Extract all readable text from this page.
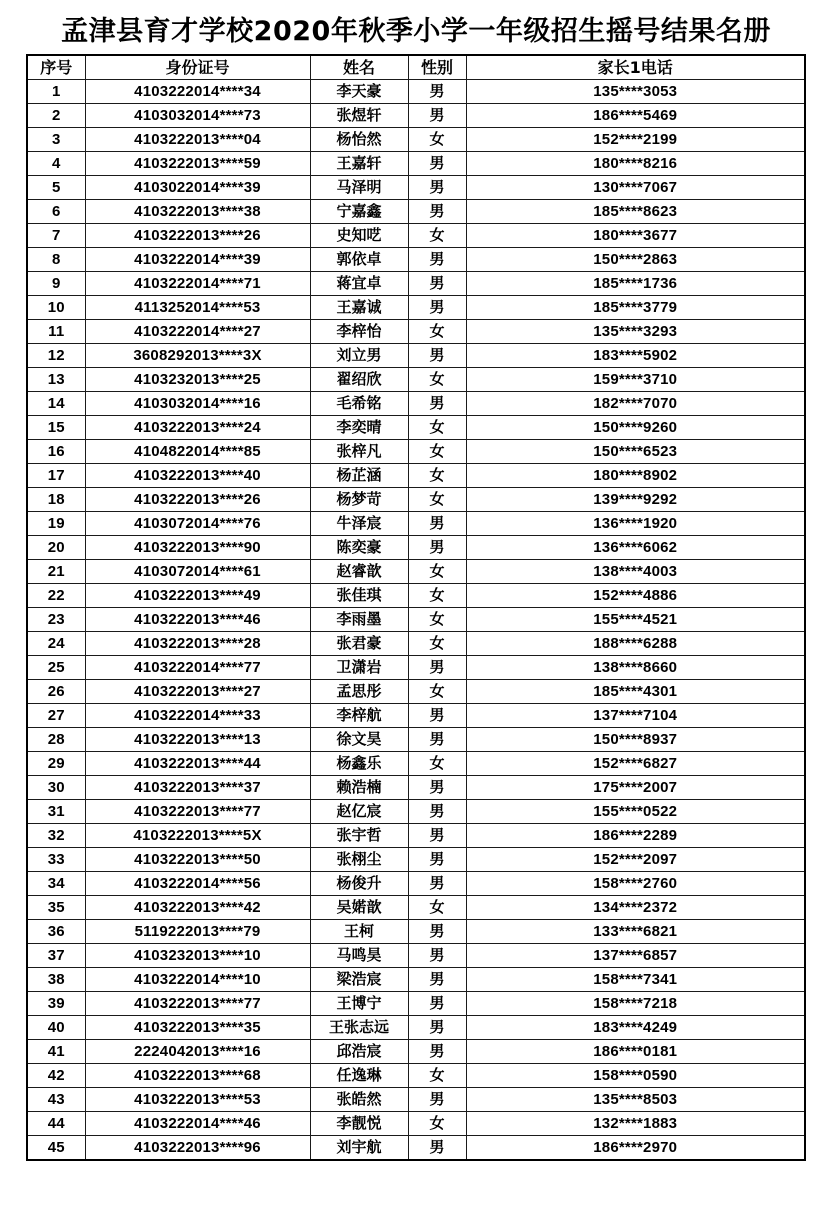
孟津县育才学校2020年秋季小学一年级招生摇号结果名册
序号	身份证号	姓名	性别	家长1电话
1	4103222014****34	李天豪	男	135****3053
2	4103032014****73	张煜轩	男	186****5469
3	4103222013****04	杨怡然	女	152****2199
4	4103222013****59	王嘉轩	男	180****8216
5	4103022014****39	马泽明	男	130****7067
6	4103222013****38	宁嘉鑫	男	185****8623
7	4103222013****26	史知呓	女	180****3677
8	4103222014****39	郭依卓	男	150****2863
9	4103222014****71	蒋宜卓	男	185****1736
10	4113252014****53	王嘉诚	男	185****3779
11	4103222014****27	李梓怡	女	135****3293
12	3608292013****3X	刘立男	男	183****5902
13	4103232013****25	翟绍欣	女	159****3710
14	4103032014****16	毛希铭	男	182****7070
15	4103222013****24	李奕晴	女	150****9260
16	4104822014****85	张梓凡	女	150****6523
17	4103222013****40	杨芷涵	女	180****8902
18	4103222013****26	杨梦苛	女	139****9292
19	4103072014****76	牛泽宸	男	136****1920
20	4103222013****90	陈奕豪	男	136****6062
21	4103072014****61	赵睿歆	女	138****4003
22	4103222013****49	张佳琪	女	152****4886
23	4103222013****46	李雨墨	女	155****4521
24	4103222013****28	张君豪	女	188****6288
25	4103222014****77	卫潇岩	男	138****8660
26	4103222013****27	孟思彤	女	185****4301
27	4103222014****33	李梓航	男	137****7104
28	4103222013****13	徐文昊	男	150****8937
29	4103222013****44	杨鑫乐	女	152****6827
30	4103222013****37	赖浩楠	男	175****2007
31	4103222013****77	赵亿宸	男	155****0522
32	4103222013****5X	张宇哲	男	186****2289
33	4103222013****50	张栩尘	男	152****2097
34	4103222014****56	杨俊升	男	158****2760
35	4103222013****42	吴婼歆	女	134****2372
36	5119222013****79	王柯	男	133****6821
37	4103232013****10	马鸣昊	男	137****6857
38	4103222014****10	梁浩宸	男	158****7341
39	4103222013****77	王博宁	男	158****7218
40	4103222013****35	王张志远	男	183****4249
41	2224042013****16	邱浩宸	男	186****0181
42	4103222013****68	任逸琳	女	158****0590
43	4103222013****53	张皓然	男	135****8503
44	4103222014****46	李靓悦	女	132****1883
45	4103222013****96	刘宇航	男	186****2970
